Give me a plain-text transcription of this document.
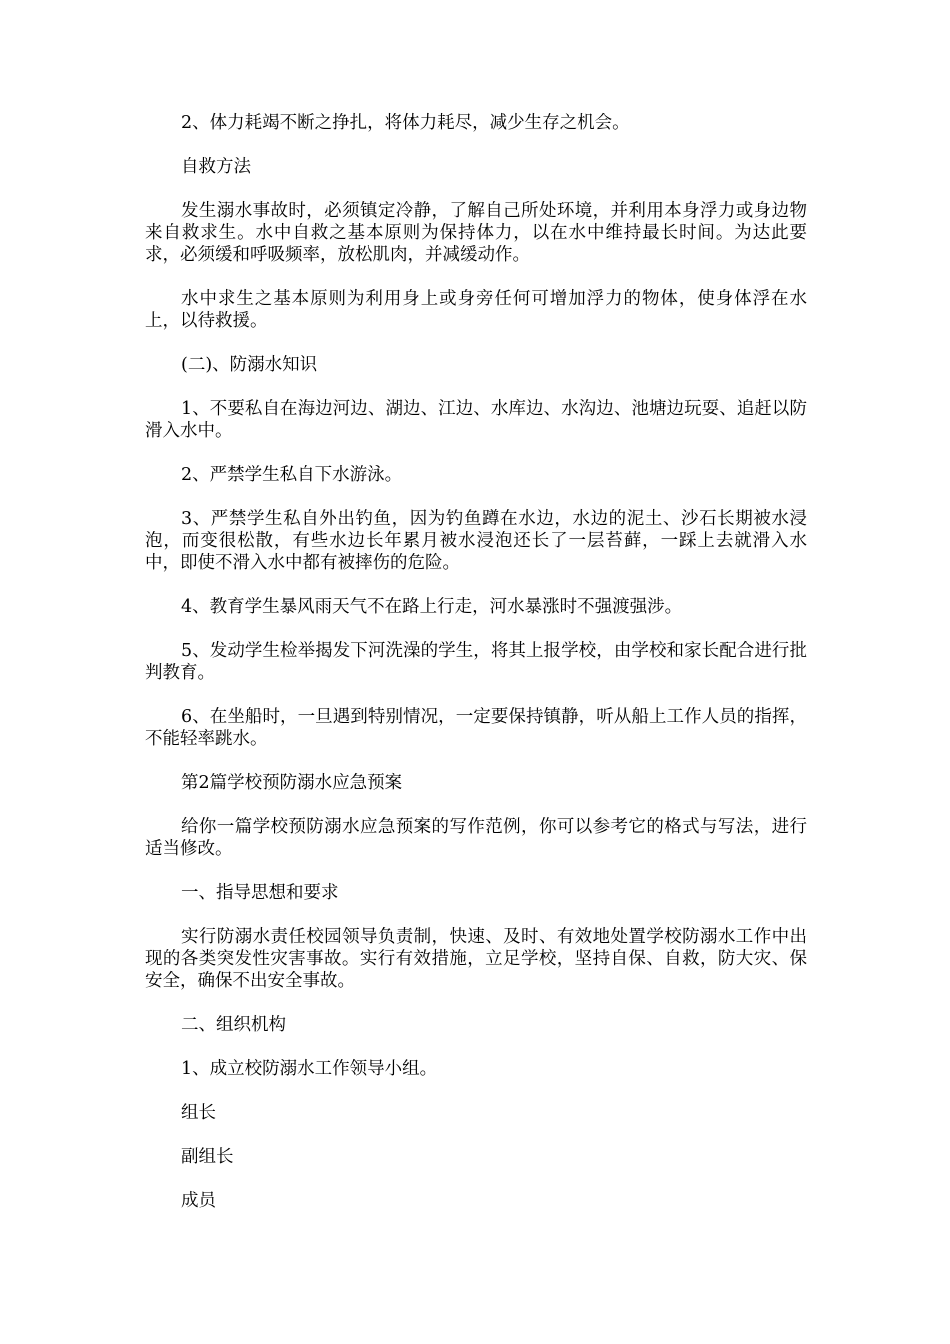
2、体力耗竭不断之挣扎，将体力耗尽，减少生存之机会。

自救方法

发生溺水事故时，必须镇定冷静，了解自己所处环境，并利用本身浮力或身边物来自救求生。水中自救之基本原则为保持体力，以在水中维持最长时间。为达此要求，必须缓和呼吸频率，放松肌肉，并减缓动作。

水中求生之基本原则为利用身上或身旁任何可增加浮力的物体，使身体浮在水上，以待救援。

(二)、防溺水知识

1、不要私自在海边河边、湖边、江边、水库边、水沟边、池塘边玩耍、追赶以防滑入水中。

2、严禁学生私自下水游泳。

3、严禁学生私自外出钓鱼，因为钓鱼蹲在水边，水边的泥土、沙石长期被水浸泡，而变很松散，有些水边长年累月被水浸泡还长了一层苔藓，一踩上去就滑入水中，即使不滑入水中都有被摔伤的危险。

4、教育学生暴风雨天气不在路上行走，河水暴涨时不强渡强涉。

5、发动学生检举揭发下河洗澡的学生，将其上报学校，由学校和家长配合进行批判教育。

6、在坐船时，一旦遇到特别情况，一定要保持镇静，听从船上工作人员的指挥，不能轻率跳水。

第2篇学校预防溺水应急预案

给你一篇学校预防溺水应急预案的写作范例，你可以参考它的格式与写法，进行适当修改。

一、指导思想和要求

实行防溺水责任校园领导负责制，快速、及时、有效地处置学校防溺水工作中出现的各类突发性灾害事故。实行有效措施，立足学校，坚持自保、自救，防大灾、保安全，确保不出安全事故。

二、组织机构

1、成立校防溺水工作领导小组。

组长

副组长

成员
